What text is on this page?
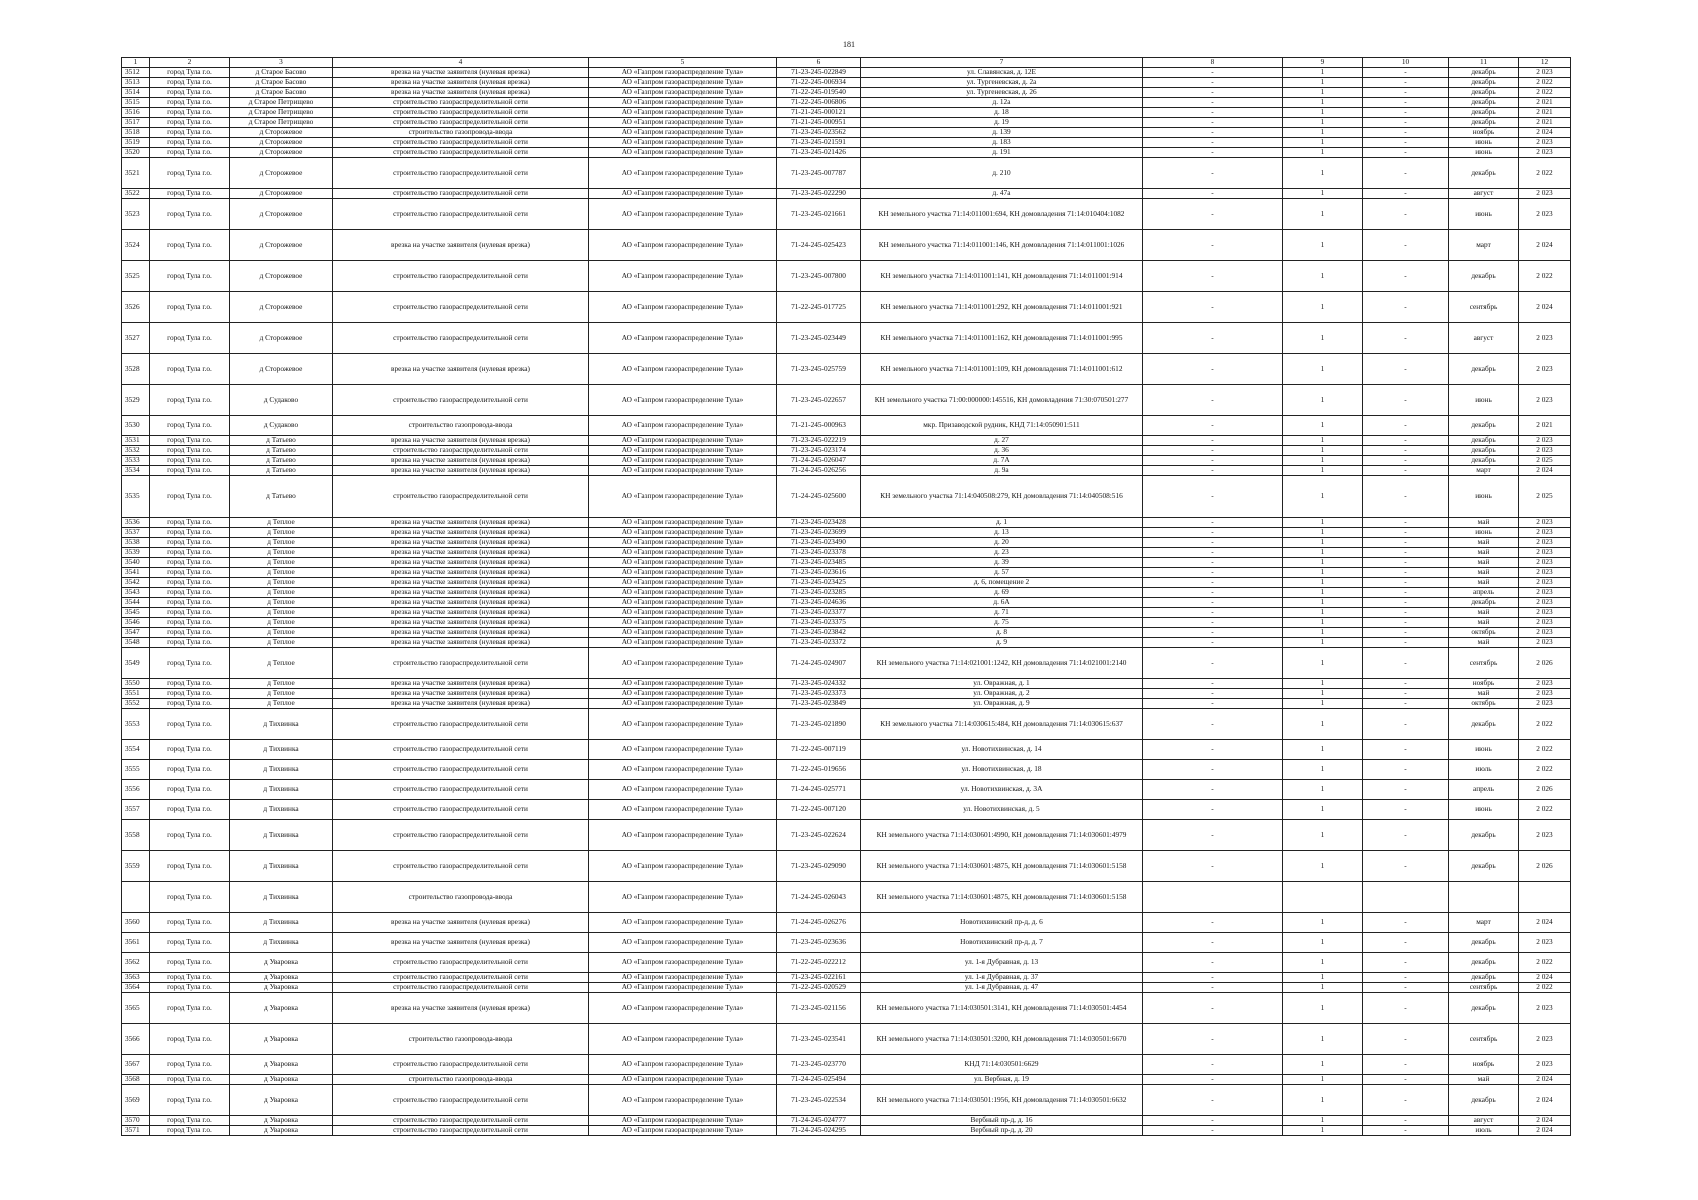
181
1	2	3	4	5	6	7	8	9	10	11	12
3512	город Тула г.о.	д Старое Басово	врезка на участке заявителя (нулевая врезка)	АО «Газпром газораспределение Тула»	71-23-245-022849	ул. Славянская, д. 12Е	-	1	-	декабрь	2 023
3513	город Тула г.о.	д Старое Басово	врезка на участке заявителя (нулевая врезка)	АО «Газпром газораспределение Тула»	71-22-245-006934	ул. Тургеневская, д. 2а	-	1	-	декабрь	2 022
3514	город Тула г.о.	д Старое Басово	врезка на участке заявителя (нулевая врезка)	АО «Газпром газораспределение Тула»	71-22-245-019540	ул. Тургеневская, д. 26	-	1	-	декабрь	2 022
3515	город Тула г.о.	д Старое Петрищево	строительство газораспределительной сети	АО «Газпром газораспределение Тула»	71-22-245-006806	д. 12а	-	1	-	декабрь	2 021
3516	город Тула г.о.	д Старое Петрищево	строительство газораспределительной сети	АО «Газпром газораспределение Тула»	71-21-245-000121	д. 18	-	1	-	декабрь	2 021
3517	город Тула г.о.	д Старое Петрищево	строительство газораспределительной сети	АО «Газпром газораспределение Тула»	71-21-245-000951	д. 19	-	1	-	декабрь	2 021
3518	город Тула г.о.	д Сторожевое	строительство газопровода-ввода	АО «Газпром газораспределение Тула»	71-23-245-023562	д. 139	-	1	-	ноябрь	2 024
3519	город Тула г.о.	д Сторожевое	строительство газораспределительной сети	АО «Газпром газораспределение Тула»	71-23-245-021591	д. 183	-	1	-	июнь	2 023
3520	город Тула г.о.	д Сторожевое	строительство газораспределительной сети	АО «Газпром газораспределение Тула»	71-23-245-021426	д. 191	-	1	-	июнь	2 023
3521	город Тула г.о.	д Сторожевое	строительство газораспределительной сети	АО «Газпром газораспределение Тула»	71-23-245-007787	д. 210	-	1	-	декабрь	2 022
3522	город Тула г.о.	д Сторожевое	строительство газораспределительной сети	АО «Газпром газораспределение Тула»	71-23-245-022290	д. 47а	-	1	-	август	2 023
3523	город Тула г.о.	д Сторожевое	строительство газораспределительной сети	АО «Газпром газораспределение Тула»	71-23-245-021661	КН земельного участка 71:14:011001:694, КН домовладения 71:14:010404:1082	-	1	-	июнь	2 023
3524	город Тула г.о.	д Сторожевое	врезка на участке заявителя (нулевая врезка)	АО «Газпром газораспределение Тула»	71-24-245-025423	КН земельного участка 71:14:011001:146, КН домовладения 71:14:011001:1026	-	1	-	март	2 024
3525	город Тула г.о.	д Сторожевое	строительство газораспределительной сети	АО «Газпром газораспределение Тула»	71-23-245-007800	КН земельного участка 71:14:011001:141, КН домовладения 71:14:011001:914	-	1	-	декабрь	2 022
3526	город Тула г.о.	д Сторожевое	строительство газораспределительной сети	АО «Газпром газораспределение Тула»	71-22-245-017725	КН земельного участка 71:14:011001:292, КН домовладения 71:14:011001:921	-	1	-	сентябрь	2 024
3527	город Тула г.о.	д Сторожевое	строительство газораспределительной сети	АО «Газпром газораспределение Тула»	71-23-245-023449	КН земельного участка 71:14:011001:162, КН домовладения 71:14:011001:995	-	1	-	август	2 023
3528	город Тула г.о.	д Сторожевое	врезка на участке заявителя (нулевая врезка)	АО «Газпром газораспределение Тула»	71-23-245-025759	КН земельного участка 71:14:011001:109, КН домовладения 71:14:011001:612	-	1	-	декабрь	2 023
3529	город Тула г.о.	д Судаково	строительство газораспределительной сети	АО «Газпром газораспределение Тула»	71-23-245-022657	КН земельного участка 71:00:000000:145516, КН домовладения 71:30:070501:277	-	1	-	июнь	2 023
3530	город Тула г.о.	д Судаково	строительство газопровода-ввода	АО «Газпром газораспределение Тула»	71-21-245-000963	мкр. Призаводской рудник, КНД 71:14:050901:511	-	1	-	декабрь	2 021
3531	город Тула г.о.	д Татьево	врезка на участке заявителя (нулевая врезка)	АО «Газпром газораспределение Тула»	71-23-245-022219	д. 27	-	1	-	декабрь	2 023
3532	город Тула г.о.	д Татьево	строительство газораспределительной сети	АО «Газпром газораспределение Тула»	71-23-245-023174	д. 36	-	1	-	декабрь	2 023
3533	город Тула г.о.	д Татьево	врезка на участке заявителя (нулевая врезка)	АО «Газпром газораспределение Тула»	71-24-245-026047	д. 7А	-	1	-	декабрь	2 025
3534	город Тула г.о.	д Татьево	врезка на участке заявителя (нулевая врезка)	АО «Газпром газораспределение Тула»	71-24-245-026256	д. 9а	-	1	-	март	2 024
3535	город Тула г.о.	д Татьево	строительство газораспределительной сети	АО «Газпром газораспределение Тула»	71-24-245-025600	КН земельного участка 71:14:040508:279, КН домовладения 71:14:040508:516	-	1	-	июнь	2 025
3536	город Тула г.о.	д Теплое	врезка на участке заявителя (нулевая врезка)	АО «Газпром газораспределение Тула»	71-23-245-023428	д. 1	-	1	-	май	2 023
3537	город Тула г.о.	д Теплое	врезка на участке заявителя (нулевая врезка)	АО «Газпром газораспределение Тула»	71-23-245-023699	д. 13	-	1	-	июнь	2 023
3538	город Тула г.о.	д Теплое	врезка на участке заявителя (нулевая врезка)	АО «Газпром газораспределение Тула»	71-23-245-023490	д. 20	-	1	-	май	2 023
3539	город Тула г.о.	д Теплое	врезка на участке заявителя (нулевая врезка)	АО «Газпром газораспределение Тула»	71-23-245-023378	д. 23	-	1	-	май	2 023
3540	город Тула г.о.	д Теплое	врезка на участке заявителя (нулевая врезка)	АО «Газпром газораспределение Тула»	71-23-245-023485	д. 39	-	1	-	май	2 023
3541	город Тула г.о.	д Теплое	врезка на участке заявителя (нулевая врезка)	АО «Газпром газораспределение Тула»	71-23-245-023616	д. 57	-	1	-	май	2 023
3542	город Тула г.о.	д Теплое	врезка на участке заявителя (нулевая врезка)	АО «Газпром газораспределение Тула»	71-23-245-023425	д. 6, помещение 2	-	1	-	май	2 023
3543	город Тула г.о.	д Теплое	врезка на участке заявителя (нулевая врезка)	АО «Газпром газораспределение Тула»	71-23-245-023285	д. 69	-	1	-	апрель	2 023
3544	город Тула г.о.	д Теплое	врезка на участке заявителя (нулевая врезка)	АО «Газпром газораспределение Тула»	71-23-245-024636	д. 6А	-	1	-	декабрь	2 023
3545	город Тула г.о.	д Теплое	врезка на участке заявителя (нулевая врезка)	АО «Газпром газораспределение Тула»	71-23-245-023377	д. 71	-	1	-	май	2 023
3546	город Тула г.о.	д Теплое	врезка на участке заявителя (нулевая врезка)	АО «Газпром газораспределение Тула»	71-23-245-023375	д. 75	-	1	-	май	2 023
3547	город Тула г.о.	д Теплое	врезка на участке заявителя (нулевая врезка)	АО «Газпром газораспределение Тула»	71-23-245-023842	д. 8	-	1	-	октябрь	2 023
3548	город Тула г.о.	д Теплое	врезка на участке заявителя (нулевая врезка)	АО «Газпром газораспределение Тула»	71-23-245-023372	д. 9	-	1	-	май	2 023
3549	город Тула г.о.	д Теплое	строительство газораспределительной сети	АО «Газпром газораспределение Тула»	71-24-245-024907	КН земельного участка 71:14:021001:1242, КН домовладения 71:14:021001:2140	-	1	-	сентябрь	2 026
3550	город Тула г.о.	д Теплое	врезка на участке заявителя (нулевая врезка)	АО «Газпром газораспределение Тула»	71-23-245-024332	ул. Овражная, д. 1	-	1	-	ноябрь	2 023
3551	город Тула г.о.	д Теплое	врезка на участке заявителя (нулевая врезка)	АО «Газпром газораспределение Тула»	71-23-245-023373	ул. Овражная, д. 2	-	1	-	май	2 023
3552	город Тула г.о.	д Теплое	врезка на участке заявителя (нулевая врезка)	АО «Газпром газораспределение Тула»	71-23-245-023849	ул. Овражная, д. 9	-	1	-	октябрь	2 023
3553	город Тула г.о.	д Тихвинка	строительство газораспределительной сети	АО «Газпром газораспределение Тула»	71-23-245-021890	КН земельного участка 71:14:030615:484, КН домовладения 71:14:030615:637	-	1	-	декабрь	2 022
3554	город Тула г.о.	д Тихвинка	строительство газораспределительной сети	АО «Газпром газораспределение Тула»	71-22-245-007119	ул. Новотихвинская, д. 14	-	1	-	июнь	2 022
3555	город Тула г.о.	д Тихвинка	строительство газораспределительной сети	АО «Газпром газораспределение Тула»	71-22-245-019656	ул. Новотихвинская, д. 18	-	1	-	июль	2 022
3556	город Тула г.о.	д Тихвинка	строительство газораспределительной сети	АО «Газпром газораспределение Тула»	71-24-245-025771	ул. Новотихвинская, д. 3А	-	1	-	апрель	2 026
3557	город Тула г.о.	д Тихвинка	строительство газораспределительной сети	АО «Газпром газораспределение Тула»	71-22-245-007120	ул. Новотихвинская, д. 5	-	1	-	июнь	2 022
3558	город Тула г.о.	д Тихвинка	строительство газораспределительной сети	АО «Газпром газораспределение Тула»	71-23-245-022624	КН земельного участка 71:14:030601:4990, КН домовладения 71:14:030601:4979	-	1	-	декабрь	2 023
3559	город Тула г.о.	д Тихвинка	строительство газораспределительной сети	АО «Газпром газораспределение Тула»	71-23-245-029090	КН земельного участка 71:14:030601:4875, КН домовладения 71:14:030601:5158	-	1	-	декабрь	2 026
	город Тула г.о.	д Тихвинка	строительство газопровода-ввода	АО «Газпром газораспределение Тула»	71-24-245-026043	КН земельного участка 71:14:030601:4875, КН домовладения 71:14:030601:5158					
3560	город Тула г.о.	д Тихвинка	врезка на участке заявителя (нулевая врезка)	АО «Газпром газораспределение Тула»	71-24-245-026276	Новотихвинский пр-д, д. 6	-	1	-	март	2 024
3561	город Тула г.о.	д Тихвинка	врезка на участке заявителя (нулевая врезка)	АО «Газпром газораспределение Тула»	71-23-245-023636	Новотихвинский пр-д, д. 7	-	1	-	декабрь	2 023
3562	город Тула г.о.	д Уваровка	строительство газораспределительной сети	АО «Газпром газораспределение Тула»	71-22-245-022212	ул. 1-я Дубравная, д. 13	-	1	-	декабрь	2 022
3563	город Тула г.о.	д Уваровка	строительство газораспределительной сети	АО «Газпром газораспределение Тула»	71-23-245-022161	ул. 1-я Дубравная, д. 37	-	1	-	декабрь	2 024
3564	город Тула г.о.	д Уваровка	строительство газораспределительной сети	АО «Газпром газораспределение Тула»	71-22-245-020529	ул. 1-я Дубравная, д. 47	-	1	-	сентябрь	2 022
3565	город Тула г.о.	д Уваровка	врезка на участке заявителя (нулевая врезка)	АО «Газпром газораспределение Тула»	71-23-245-021156	КН земельного участка 71:14:030501:3141, КН домовладения 71:14:030501:4454	-	1	-	декабрь	2 023
3566	город Тула г.о.	д Уваровка	строительство газопровода-ввода	АО «Газпром газораспределение Тула»	71-23-245-023541	КН земельного участка 71:14:030501:3200, КН домовладения 71:14:030501:6670	-	1	-	сентябрь	2 023
3567	город Тула г.о.	д Уваровка	строительство газораспределительной сети	АО «Газпром газораспределение Тула»	71-23-245-023770	КНД 71:14:030501:6629	-	1	-	ноябрь	2 023
3568	город Тула г.о.	д Уваровка	строительство газопровода-ввода	АО «Газпром газораспределение Тула»	71-24-245-025494	ул. Вербная, д. 19	-	1	-	май	2 024
3569	город Тула г.о.	д Уваровка	строительство газораспределительной сети	АО «Газпром газораспределение Тула»	71-23-245-022534	КН земельного участка 71:14:030501:1956, КН домовладения 71:14:030501:6632	-	1	-	декабрь	2 024
3570	город Тула г.о.	д Уваровка	строительство газораспределительной сети	АО «Газпром газораспределение Тула»	71-24-245-024777	Вербный пр-д, д. 16	-	1	-	август	2 024
3571	город Тула г.о.	д Уваровка	строительство газораспределительной сети	АО «Газпром газораспределение Тула»	71-24-245-024295	Вербный пр-д, д. 20	-	1	-	июль	2 024
